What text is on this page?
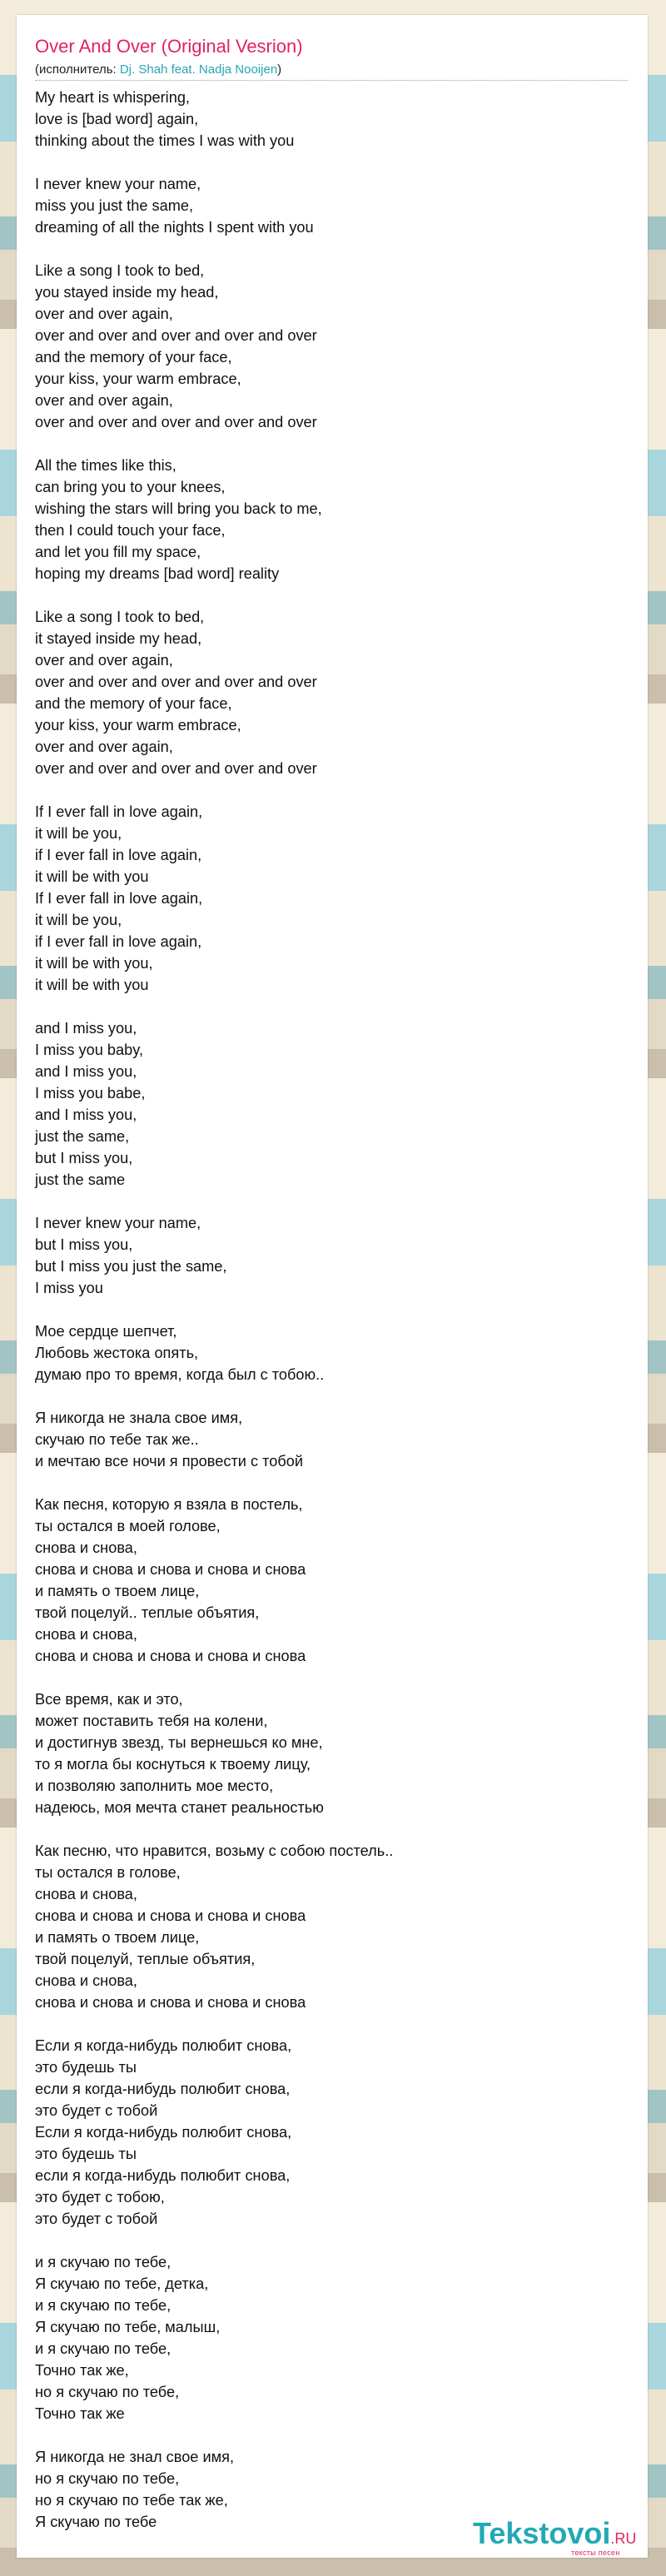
Over And Over (Original Vesrion)
(исполнитель: Dj. Shah feat. Nadja Nooijen)
My heart is whispering,
love is [bad word] again,
thinking about the times I was with you
I never knew your name,
miss you just the same,
dreaming of all the nights I spent with you
Like a song I took to bed,
you stayed inside my head,
over and over again,
over and over and over and over and over
and the memory of your face,
your kiss, your warm embrace,
over and over again,
over and over and over and over and over
All the times like this,
can bring you to your knees,
wishing the stars will bring you back to me,
then I could touch your face,
and let you fill my space,
hoping my dreams [bad word] reality
Like a song I took to bed,
it stayed inside my head,
over and over again,
over and over and over and over and over
and the memory of your face,
your kiss, your warm embrace,
over and over again,
over and over and over and over and over
If I ever fall in love again,
it will be you,
if I ever fall in love again,
it will be with you
If I ever fall in love again,
it will be you,
if I ever fall in love again,
it will be with you,
it will be with you
and I miss you,
I miss you baby,
and I miss you,
I miss you babe,
and I miss you,
just the same,
but I miss you,
just the same
I never knew your name,
but I miss you,
but I miss you just the same,
I miss you
Мое сердце шепчет,
Любовь жестока опять,
думаю про то время, когда был с тобою..
Я никогда не знала свое имя,
скучаю по тебе так же..
и мечтаю все ночи я провести с тобой
Как песня, которую я взяла в постель,
ты остался в моей голове,
снова и снова,
снова и снова и снова и снова и снова
и память о твоем лице,
твой поцелуй.. теплые объятия,
снова и снова,
снова и снова и снова и снова и снова
Все время, как и это,
может поставить тебя на колени,
и достигнув звезд, ты вернешься ко мне,
то я могла бы коснуться к твоему лицу,
и позволяю заполнить мое место,
надеюсь, моя мечта станет реальностью
Как песню, что нравится, возьму с собою постель..
ты остался в голове,
снова и снова,
снова и снова и снова и снова и снова
и память о твоем лице,
твой поцелуй, теплые объятия,
снова и снова,
снова и снова и снова и снова и снова
Если я когда-нибудь полюбит снова,
это будешь ты
если я когда-нибудь полюбит снова,
это будет с тобой
Если я когда-нибудь полюбит снова,
это будешь ты
если я когда-нибудь полюбит снова,
это будет с тобою,
это будет с тобой
и я скучаю по тебе,
Я скучаю по тебе, детка,
и я скучаю по тебе,
Я скучаю по тебе, малыш,
и я скучаю по тебе,
Точно так же,
но я скучаю по тебе,
Точно так же
Я никогда не знал свое имя,
но я скучаю по тебе,
но я скучаю по тебе так же,
Я скучаю по тебе	Tekstovoi.RU
тексты песен
